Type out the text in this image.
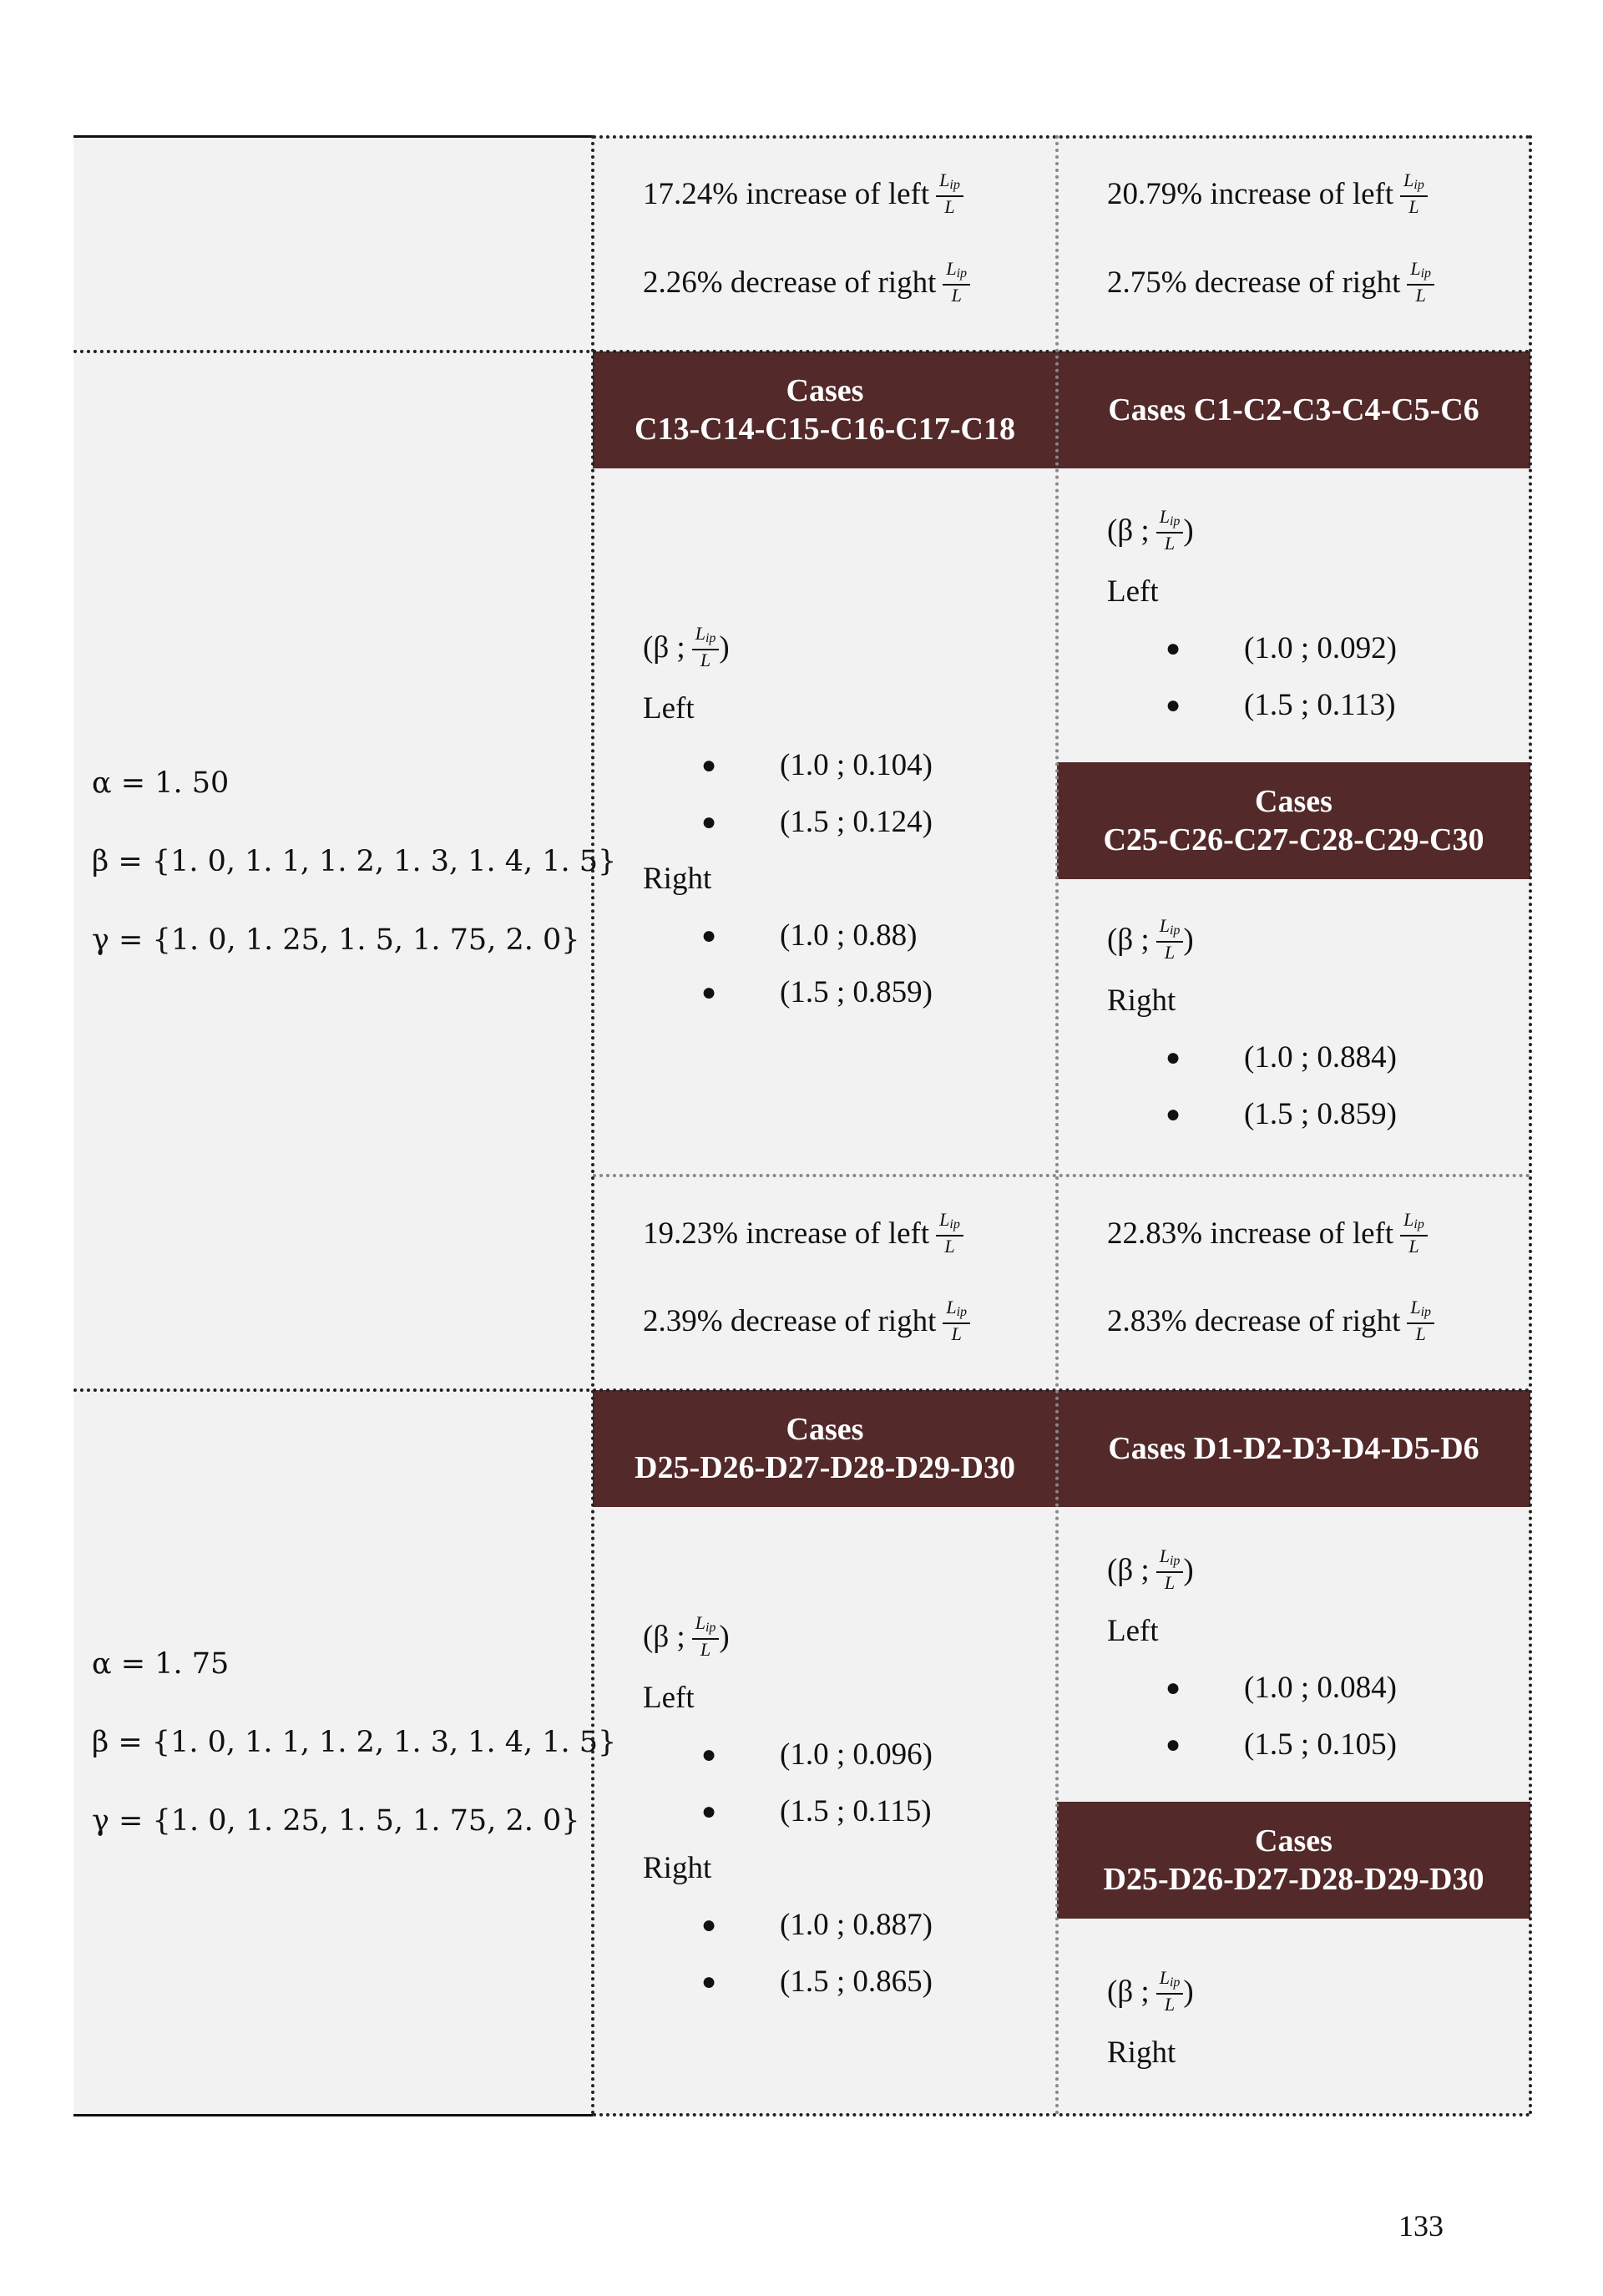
17.24% increase of left $\frac{L_{ip}}{L}$
2.26% decrease of right $\frac{L_{ip}}{L}$
20.79% increase of left $\frac{L_{ip}}{L}$
2.75% decrease of right $\frac{L_{ip}}{L}$
α = 1. 50
β = {1. 0, 1. 1, 1. 2, 1. 3, 1. 4, 1. 5}
γ = {1. 0, 1. 25, 1. 5, 1. 75, 2. 0}
Cases
C13-C14-C15-C16-C17-C18
Cases C1-C2-C3-C4-C5-C6
(β ; $\frac{L_{ip}}{L}$ )
Left
● (1.0 ; 0.104)
● (1.5 ; 0.124)
Right
● (1.0 ; 0.88)
● (1.5 ; 0.859)
(β ; $\frac{L_{ip}}{L}$ )
Left
● (1.0 ; 0.092)
● (1.5 ; 0.113)
Cases
C25-C26-C27-C28-C29-C30
(β ; $\frac{L_{ip}}{L}$ )
Right
● (1.0 ; 0.884)
● (1.5 ; 0.859)
19.23% increase of left $\frac{L_{ip}}{L}$
2.39% decrease of right $\frac{L_{ip}}{L}$
22.83% increase of left $\frac{L_{ip}}{L}$
2.83% decrease of right $\frac{L_{ip}}{L}$
α = 1. 75
β = {1. 0, 1. 1, 1. 2, 1. 3, 1. 4, 1. 5}
γ = {1. 0, 1. 25, 1. 5, 1. 75, 2. 0}
Cases
D25-D26-D27-D28-D29-D30
Cases D1-D2-D3-D4-D5-D6
(β ; $\frac{L_{ip}}{L}$ )
Left
● (1.0 ; 0.096)
● (1.5 ; 0.115)
Right
● (1.0 ; 0.887)
● (1.5 ; 0.865)
(β ; $\frac{L_{ip}}{L}$ )
Left
● (1.0 ; 0.084)
● (1.5 ; 0.105)
Cases
D25-D26-D27-D28-D29-D30
(β ; $\frac{L_{ip}}{L}$ )
Right
133
